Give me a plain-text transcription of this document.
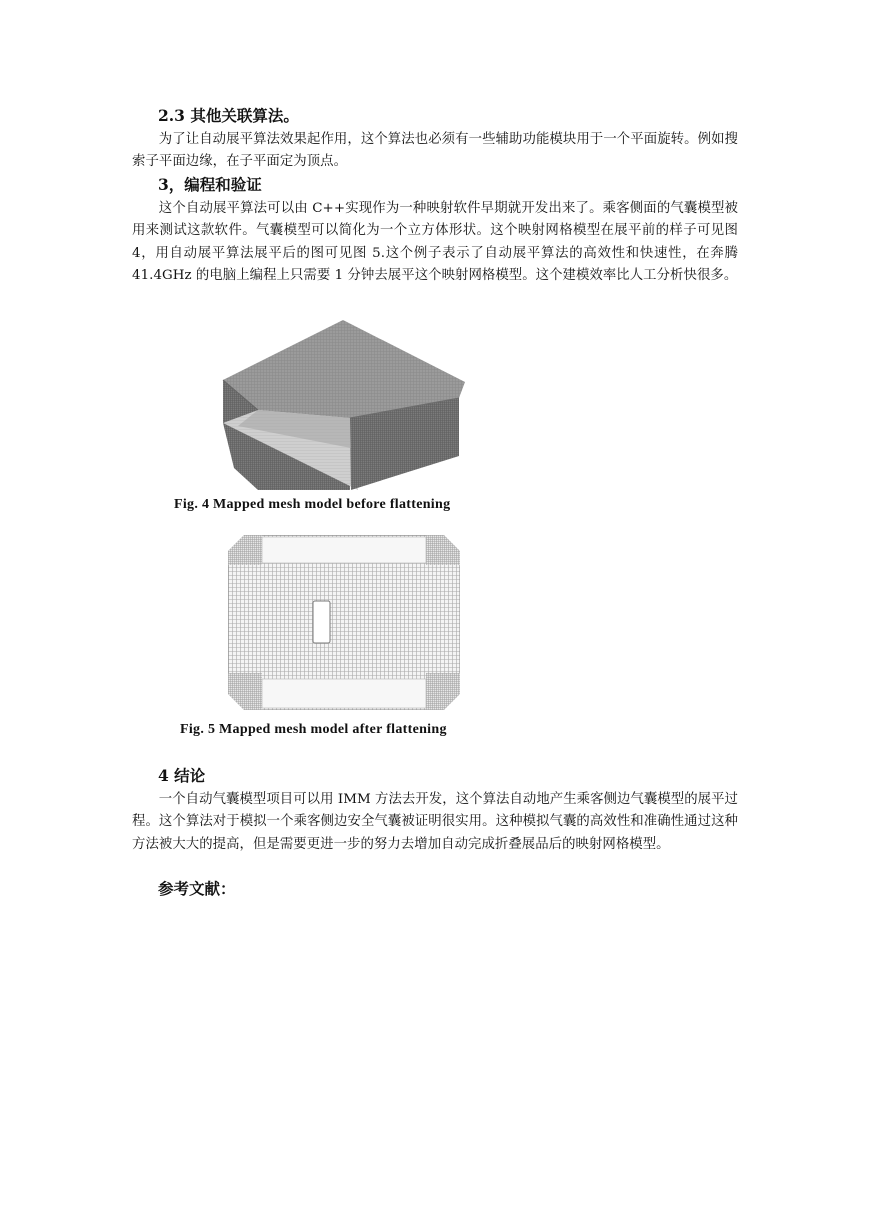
2.3 其他关联算法。
为了让自动展平算法效果起作用，这个算法也必须有一些辅助功能模块用于一个平面旋转。例如搜索子平面边缘，在子平面定为顶点。
3，编程和验证
这个自动展平算法可以由 C++实现作为一种映射软件早期就开发出来了。乘客侧面的气囊模型被用来测试这款软件。气囊模型可以简化为一个立方体形状。这个映射网格模型在展平前的样子可见图 4，用自动展平算法展平后的图可见图 5.这个例子表示了自动展平算法的高效性和快速性，在奔腾 41.4GHz 的电脑上编程上只需要 1 分钟去展平这个映射网格模型。这个建模效率比人工分析快很多。
Fig. 4 Mapped mesh model before flattening
Fig. 5 Mapped mesh model after flattening
4 结论
一个自动气囊模型项目可以用 IMM 方法去开发，这个算法自动地产生乘客侧边气囊模型的展平过程。这个算法对于模拟一个乘客侧边安全气囊被证明很实用。这种模拟气囊的高效性和准确性通过这种方法被大大的提高，但是需要更进一步的努力去增加自动完成折叠展品后的映射网格模型。
参考文献：
